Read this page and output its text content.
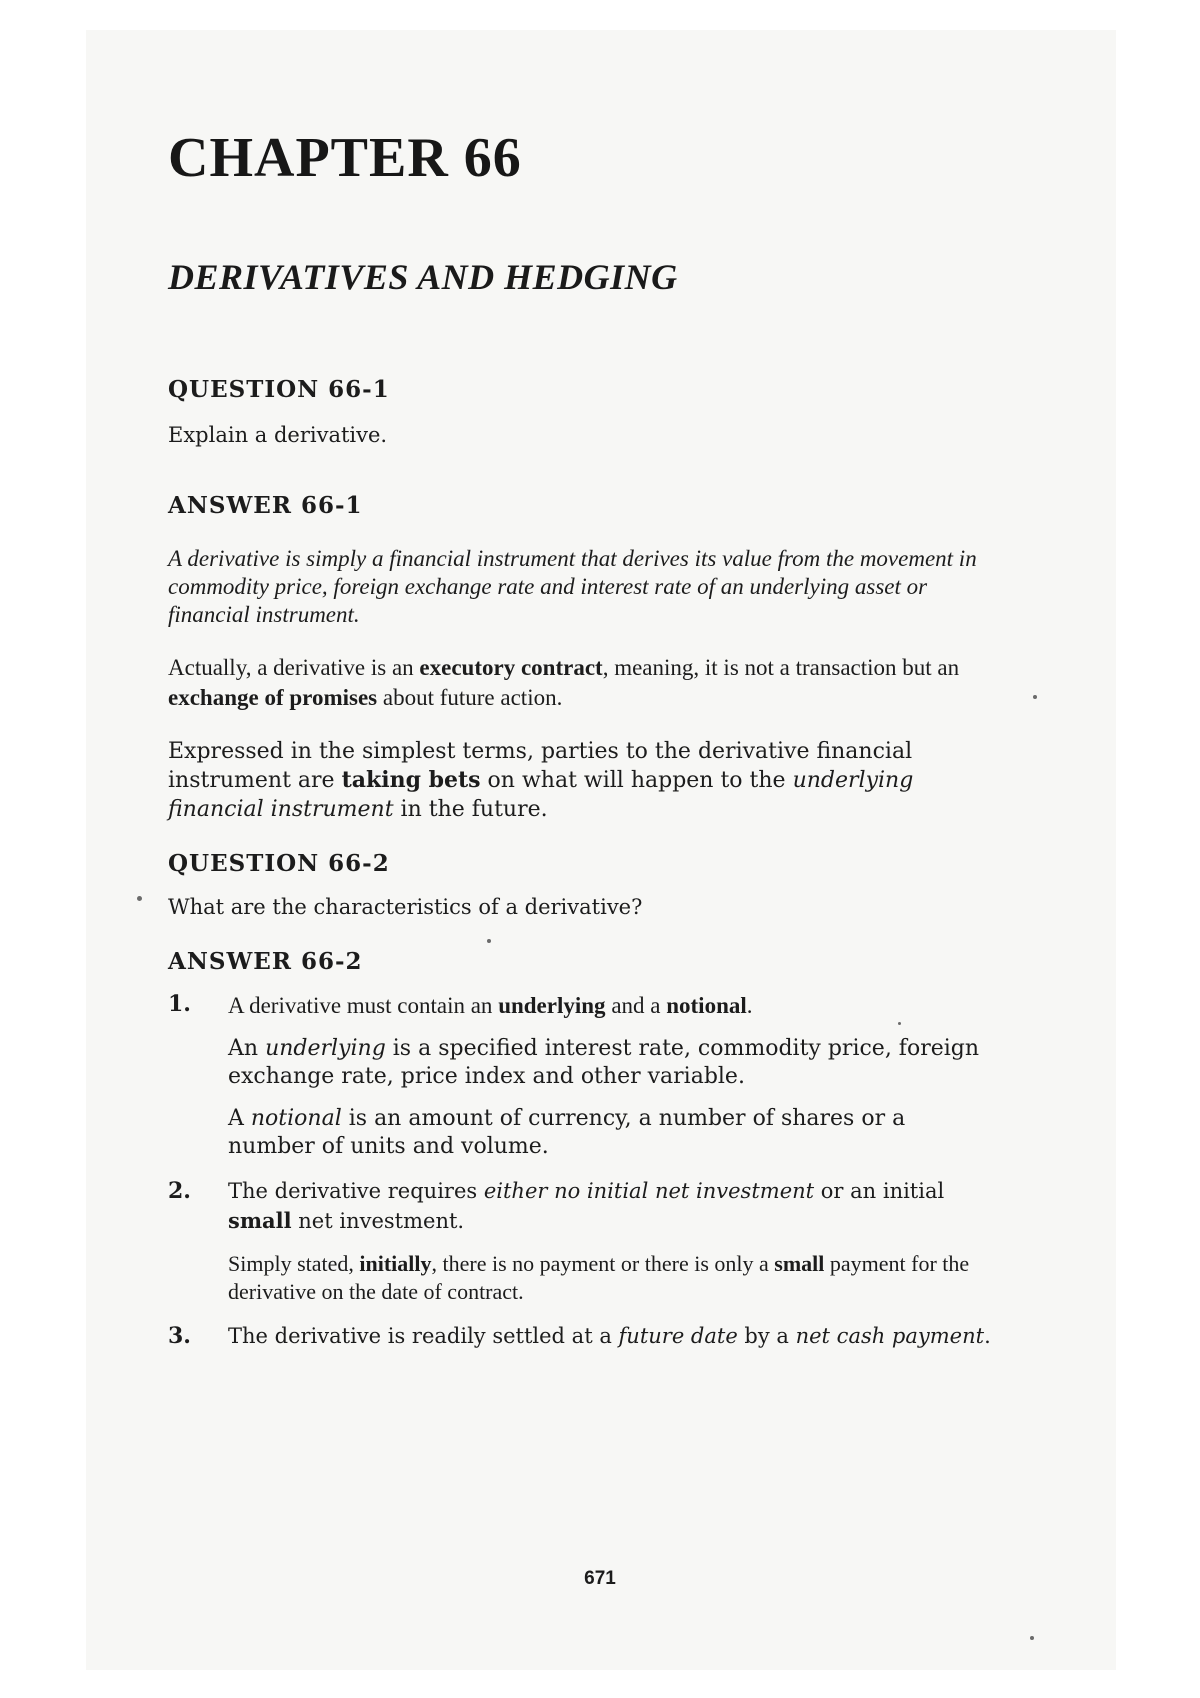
CHAPTER 66
DERIVATIVES AND HEDGING
QUESTION 66-1

Explain a derivative.

ANSWER 66-1

A derivative is simply a financial instrument that derives its value from the movement in commodity price, foreign exchange rate and interest rate of an underlying asset or financial instrument.

Actually, a derivative is an executory contract, meaning, it is not a transaction but an exchange of promises about future action.

Expressed in the simplest terms, parties to the derivative financial instrument are taking bets on what will happen to the underlying financial instrument in the future.

QUESTION 66-2

What are the characteristics of a derivative?

ANSWER 66-2
1. A derivative must contain an underlying and a notional.

An underlying is a specified interest rate, commodity price, foreign exchange rate, price index and other variable.

A notional is an amount of currency, a number of shares or a number of units and volume.

2. The derivative requires either no initial net investment or an initial small net investment.

Simply stated, initially, there is no payment or there is only a small payment for the derivative on the date of contract.

3. The derivative is readily settled at a future date by a net cash payment.

671
